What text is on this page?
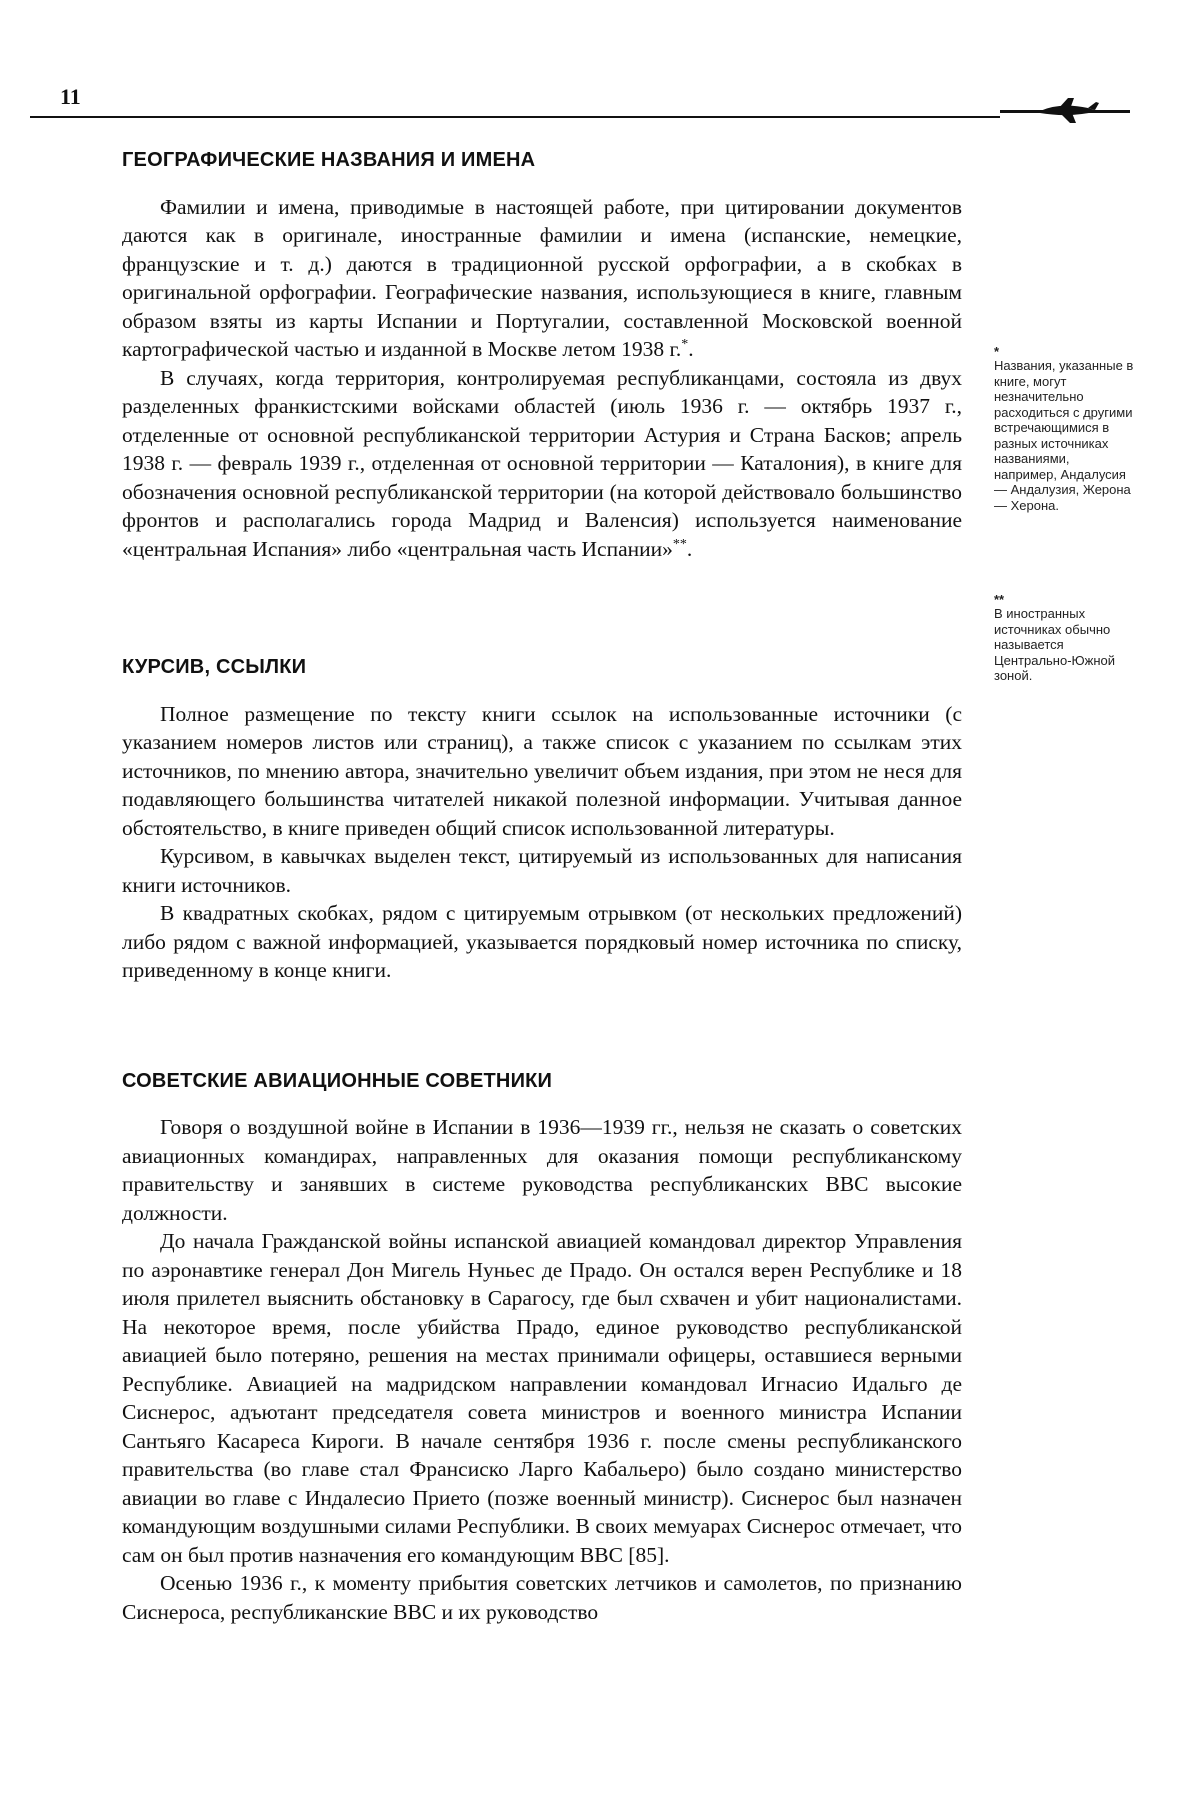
11
ГЕОГРАФИЧЕСКИЕ НАЗВАНИЯ И ИМЕНА

Фамилии и имена, приводимые в настоящей работе, при цитировании документов даются как в оригинале, иностранные фамилии и имена (испанские, немецкие, французские и т. д.) даются в традиционной русской орфографии, а в скобках в оригинальной орфографии. Географические названия, использующиеся в книге, главным образом взяты из карты Испании и Португалии, составленной Московской военной картографической частью и изданной в Москве летом 1938 г.*.

В случаях, когда территория, контролируемая республиканцами, состояла из двух разделенных франкистскими войсками областей (июль 1936 г. — октябрь 1937 г., отделенные от основной республиканской территории Астурия и Страна Басков; апрель 1938 г. — февраль 1939 г., отделенная от основной территории — Каталония), в книге для обозначения основной республиканской территории (на которой действовало большинство фронтов и располагались города Мадрид и Валенсия) используется наименование «центральная Испания» либо «центральная часть Испании»**.

КУРСИВ, ССЫЛКИ

Полное размещение по тексту книги ссылок на использованные источники (с указанием номеров листов или страниц), а также список с указанием по ссылкам этих источников, по мнению автора, значительно увеличит объем издания, при этом не неся для подавляющего большинства читателей никакой полезной информации. Учитывая данное обстоятельство, в книге приведен общий список использованной литературы.

Курсивом, в кавычках выделен текст, цитируемый из использованных для написания книги источников.

В квадратных скобках, рядом с цитируемым отрывком (от нескольких предложений) либо рядом с важной информацией, указывается порядковый номер источника по списку, приведенному в конце книги.

СОВЕТСКИЕ АВИАЦИОННЫЕ СОВЕТНИКИ

Говоря о воздушной войне в Испании в 1936—1939 гг., нельзя не сказать о советских авиационных командирах, направленных для оказания помощи республиканскому правительству и занявших в системе руководства республиканских ВВС высокие должности.

До начала Гражданской войны испанской авиацией командовал директор Управления по аэронавтике генерал Дон Мигель Нуньес де Прадо. Он остался верен Республике и 18 июля прилетел выяснить обстановку в Сарагосу, где был схвачен и убит националистами. На некоторое время, после убийства Прадо, единое руководство республиканской авиацией было потеряно, решения на местах принимали офицеры, оставшиеся верными Республике. Авиацией на мадридском направлении командовал Игнасио Идальго де Сиснерос, адъютант председателя совета министров и военного министра Испании Сантьяго Касареса Кироги. В начале сентября 1936 г. после смены республиканского правительства (во главе стал Франсиско Ларго Кабальеро) было создано министерство авиации во главе с Индалесио Прието (позже военный министр). Сиснерос был назначен командующим воздушными силами Республики. В своих мемуарах Сиснерос отмечает, что сам он был против назначения его командующим ВВС [85].

Осенью 1936 г., к моменту прибытия советских летчиков и самолетов, по признанию Сиснероса, республиканские ВВС и их руководство

*
Названия, указанные в книге, могут незначительно расходиться с другими встречающимися в разных источниках названиями, например, Андалусия — Андалузия, Жерона — Херона.
**
В иностранных источниках обычно называется Центрально-Южной зоной.
